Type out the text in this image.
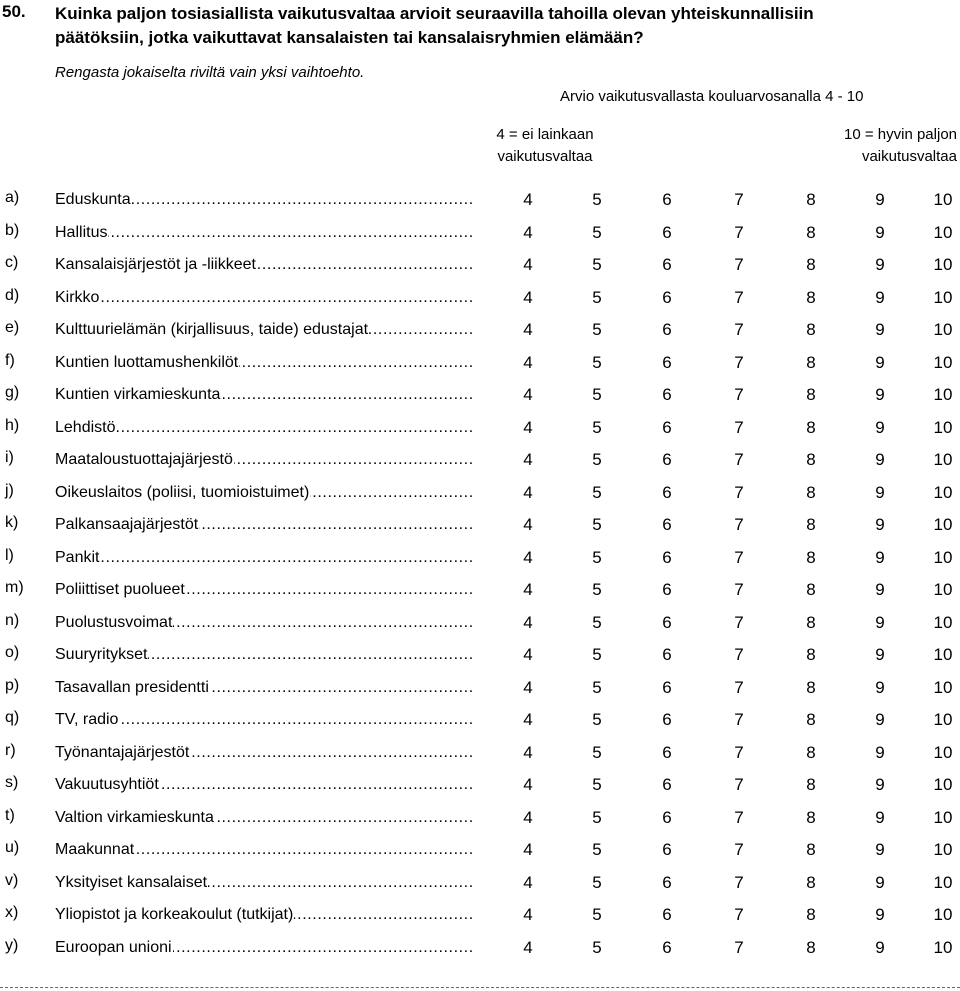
50. Kuinka paljon tosiasiallista vaikutusvaltaa arvioit seuraavilla tahoilla olevan yhteiskunnallisiin
päätöksiin, jotka vaikuttavat kansalaisten tai kansalaisryhmien elämään?
Rengasta jokaiselta riviltä vain yksi vaihtoehto.
Arvio vaikutusvallasta kouluarvosanalla 4 - 10
4 = ei lainkaan
vaikutusvaltaa
10 = hyvin paljon
vaikutusvaltaa
a) Eduskunta .....	4	5	6	7	8	9	10
b) Hallitus .....	4	5	6	7	8	9	10
c) Kansalaisjärjestöt ja -liikkeet .....	4	5	6	7	8	9	10
d) Kirkko .....	4	5	6	7	8	9	10
e) Kulttuurielämän (kirjallisuus, taide) edustajat .....	4	5	6	7	8	9	10
f)	Kuntien luottamushenkilöt .....	4	5	6	7	8	9	10
g) Kuntien virkamieskunta .....	4	5	6	7	8	9	10
h) Lehdistö .....	4	5	6	7	8	9	10
i)	Maataloustuottajajärjestö .....	4	5	6	7	8	9	10
j)	Oikeuslaitos (poliisi, tuomioistuimet) .....	4	5	6	7	8	9	10
k) Palkansaajajärjestöt .....	4	5	6	7	8	9	10
l)	Pankit .....	4	5	6	7	8	9	10
m) Poliittiset puolueet .....	4	5	6	7	8	9	10
n) Puolustusvoimat .....	4	5	6	7	8	9	10
o) Suuryritykset .....	4	5	6	7	8	9	10
p) Tasavallan presidentti .....	4	5	6	7	8	9	10
q) TV, radio .....	4	5	6	7	8	9	10
r) Työnantajajärjestöt .....	4	5	6	7	8	9	10
s) Vakuutusyhtiöt .....	4	5	6	7	8	9	10
t)	Valtion virkamieskunta .....	4	5	6	7	8	9	10
u) Maakunnat .....	4	5	6	7	8	9	10
v) Yksityiset kansalaiset .....	4	5	6	7	8	9	10
x) Yliopistot ja korkeakoulut (tutkijat) .....	4	5	6	7	8	9	10
y) Euroopan unioni .....	4	5	6	7	8	9	10
